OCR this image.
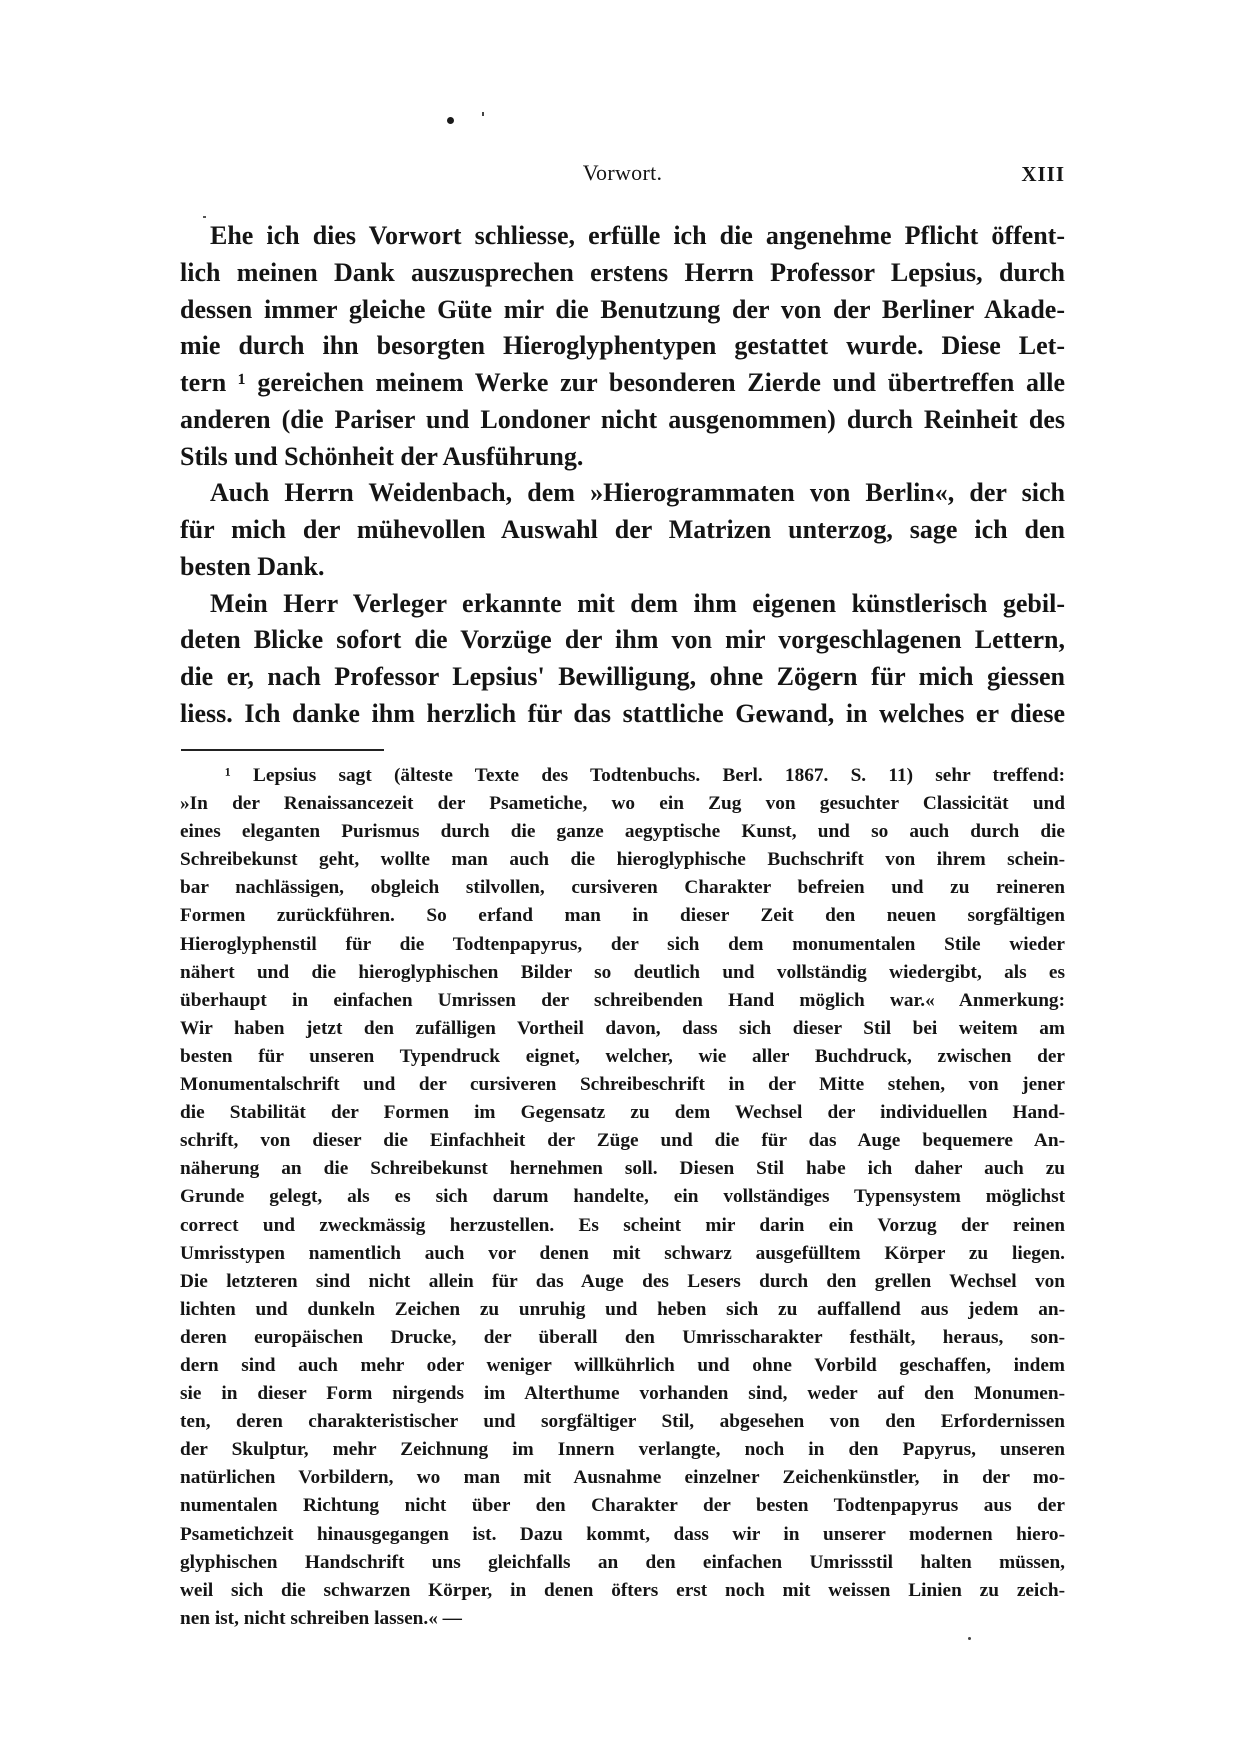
Vorwort.	XIII
Ehe ich dies Vorwort schliesse, erfülle ich die angenehme Pflicht öffent-
lich meinen Dank auszusprechen erstens Herrn Professor Lepsius, durch
dessen immer gleiche Güte mir die Benutzung der von der Berliner Akade-
mie durch ihn besorgten Hieroglyphentypen gestattet wurde. Diese Let-
tern ¹ gereichen meinem Werke zur besonderen Zierde und übertreffen alle
anderen (die Pariser und Londoner nicht ausgenommen) durch Reinheit des
Stils und Schönheit der Ausführung.
Auch Herrn Weidenbach, dem »Hierogrammaten von Berlin«, der sich
für mich der mühevollen Auswahl der Matrizen unterzog, sage ich den
besten Dank.
Mein Herr Verleger erkannte mit dem ihm eigenen künstlerisch gebil-
deten Blicke sofort die Vorzüge der ihm von mir vorgeschlagenen Lettern,
die er, nach Professor Lepsius' Bewilligung, ohne Zögern für mich giessen
liess. Ich danke ihm herzlich für das stattliche Gewand, in welches er diese
¹ Lepsius sagt (älteste Texte des Todtenbuchs. Berl. 1867. S. 11) sehr treffend:
»In der Renaissancezeit der Psametiche, wo ein Zug von gesuchter Classicität und
eines eleganten Purismus durch die ganze aegyptische Kunst, und so auch durch die
Schreibekunst geht, wollte man auch die hieroglyphische Buchschrift von ihrem schein-
bar nachlässigen, obgleich stilvollen, cursiveren Charakter befreien und zu reineren
Formen zurückführen. So erfand man in dieser Zeit den neuen sorgfältigen
Hieroglyphenstil für die Todtenpapyrus, der sich dem monumentalen Stile wieder
nähert und die hieroglyphischen Bilder so deutlich und vollständig wiedergibt, als es
überhaupt in einfachen Umrissen der schreibenden Hand möglich war.« Anmerkung:
Wir haben jetzt den zufälligen Vortheil davon, dass sich dieser Stil bei weitem am
besten für unseren Typendruck eignet, welcher, wie aller Buchdruck, zwischen der
Monumentalschrift und der cursiveren Schreibeschrift in der Mitte stehen, von jener
die Stabilität der Formen im Gegensatz zu dem Wechsel der individuellen Hand-
schrift, von dieser die Einfachheit der Züge und die für das Auge bequemere An-
näherung an die Schreibekunst hernehmen soll. Diesen Stil habe ich daher auch zu
Grunde gelegt, als es sich darum handelte, ein vollständiges Typensystem möglichst
correct und zweckmässig herzustellen. Es scheint mir darin ein Vorzug der reinen
Umrisstypen namentlich auch vor denen mit schwarz ausgefülltem Körper zu liegen.
Die letzteren sind nicht allein für das Auge des Lesers durch den grellen Wechsel von
lichten und dunkeln Zeichen zu unruhig und heben sich zu auffallend aus jedem an-
deren europäischen Drucke, der überall den Umrisscharakter festhält, heraus, son-
dern sind auch mehr oder weniger willkührlich und ohne Vorbild geschaffen, indem
sie in dieser Form nirgends im Alterthume vorhanden sind, weder auf den Monumen-
ten, deren charakteristischer und sorgfältiger Stil, abgesehen von den Erfordernissen
der Skulptur, mehr Zeichnung im Innern verlangte, noch in den Papyrus, unseren
natürlichen Vorbildern, wo man mit Ausnahme einzelner Zeichenkünstler, in der mo-
numentalen Richtung nicht über den Charakter der besten Todtenpapyrus aus der
Psametichzeit hinausgegangen ist. Dazu kommt, dass wir in unserer modernen hiero-
glyphischen Handschrift uns gleichfalls an den einfachen Umrissstil halten müssen,
weil sich die schwarzen Körper, in denen öfters erst noch mit weissen Linien zu zeich-
nen ist, nicht schreiben lassen.« —
